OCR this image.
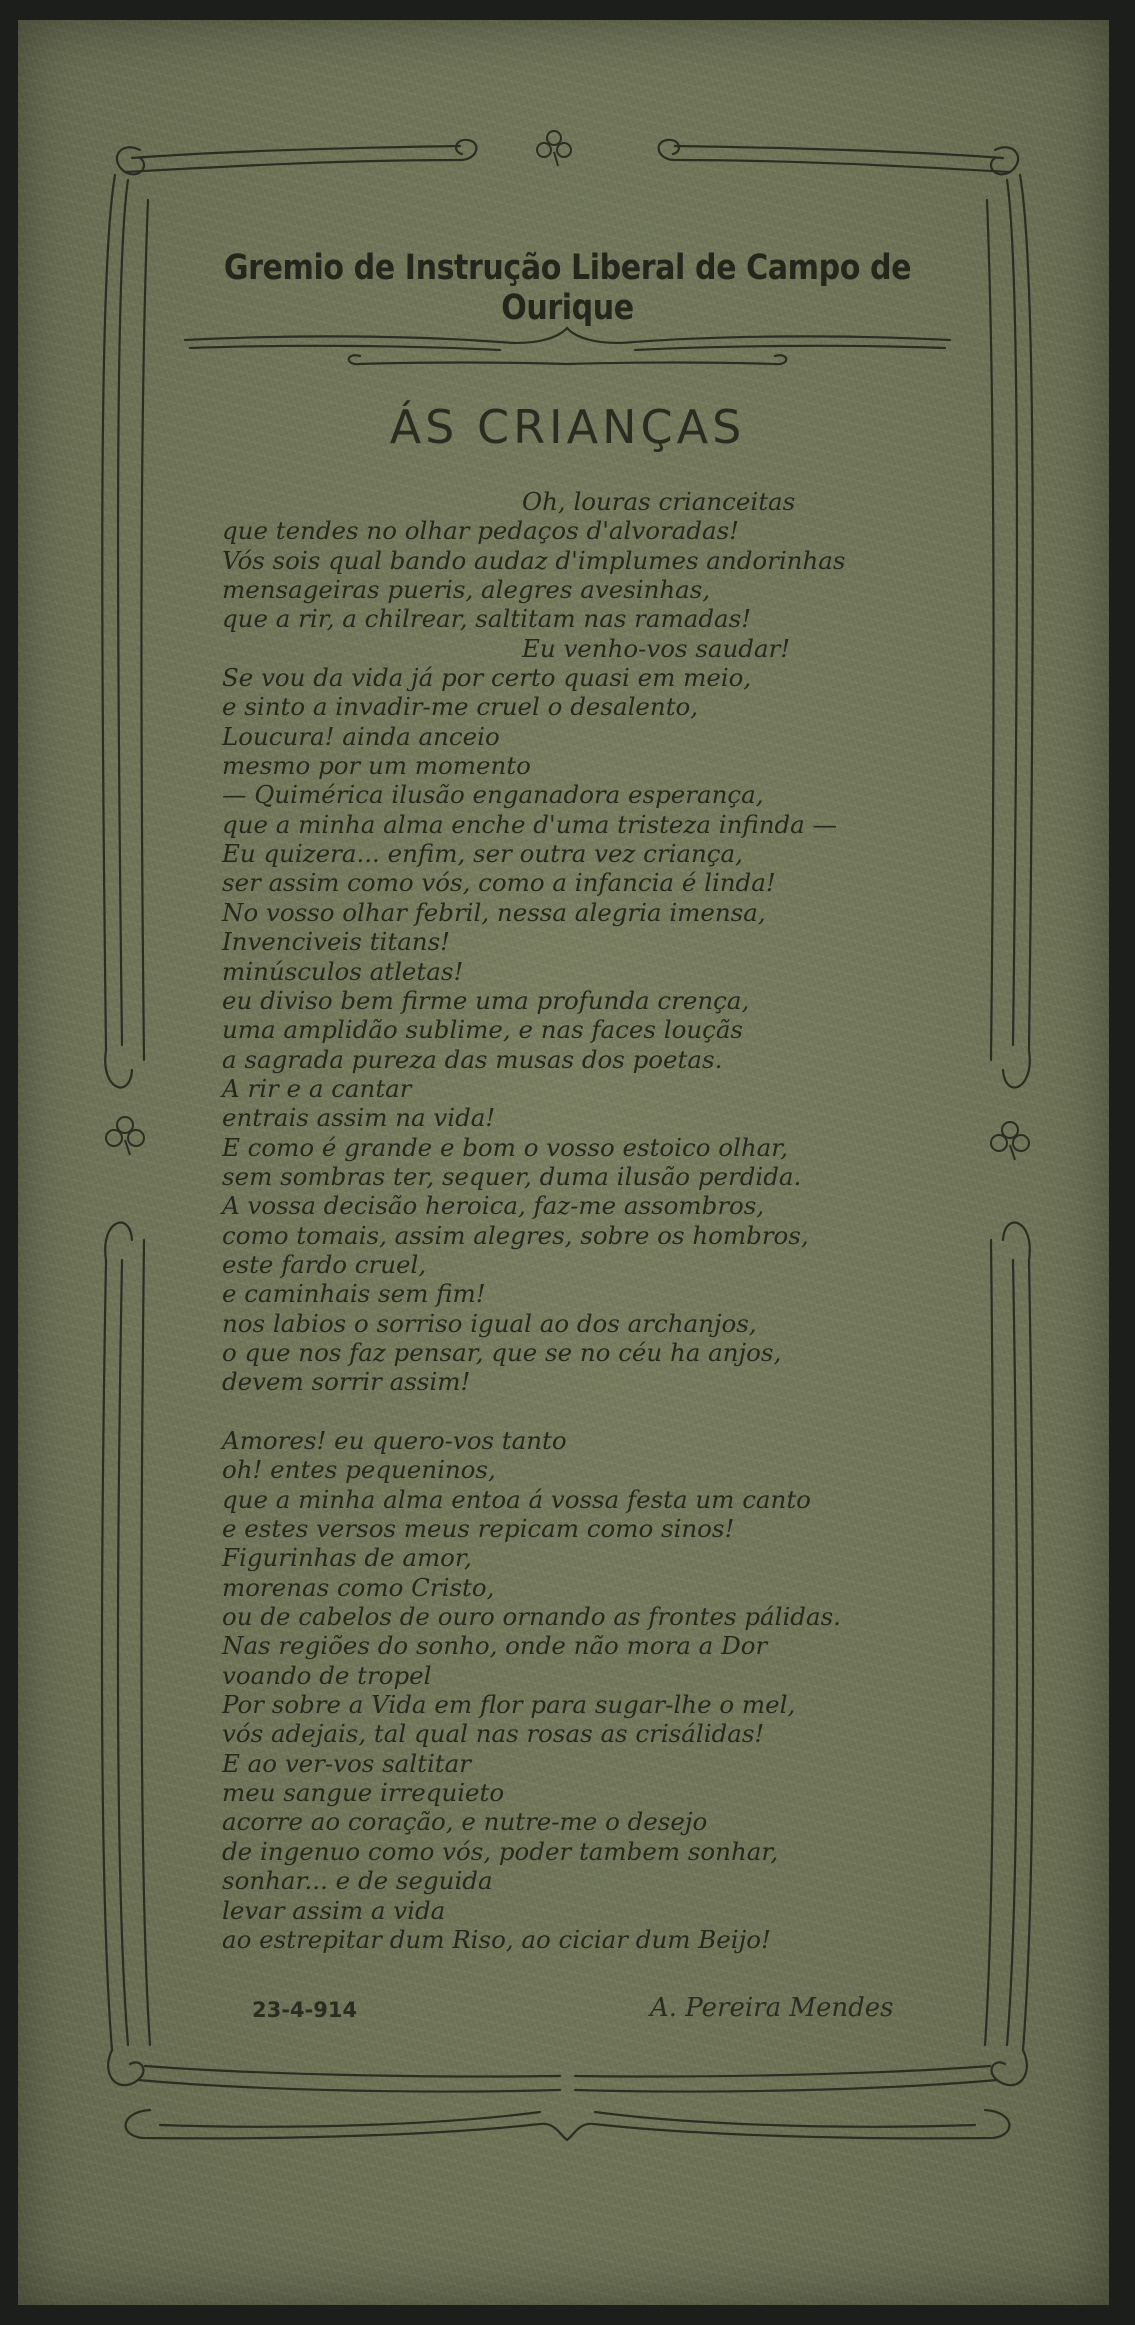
Gremio de Instrução Liberal de Campo de Ourique
ÁS CRIANÇAS
Oh, louras crianceitas
que tendes no olhar pedaços d'alvoradas!
Vós sois qual bando audaz d'implumes andorinhas
mensageiras pueris, alegres avesinhas,
que a rir, a chilrear, saltitam nas ramadas!
Eu venho-vos saudar!
Se vou da vida já por certo quasi em meio,
e sinto a invadir-me cruel o desalento,
Loucura! ainda anceio
mesmo por um momento
— Quimérica ilusão enganadora esperança,
que a minha alma enche d'uma tristeza infinda —
Eu quizera... enfim, ser outra vez criança,
ser assim como vós, como a infancia é linda!
No vosso olhar febril, nessa alegria imensa,
Invenciveis titans!
minúsculos atletas!
eu diviso bem firme uma profunda crença,
uma amplidão sublime, e nas faces louçãs
a sagrada pureza das musas dos poetas.
A rir e a cantar
entrais assim na vida!
E como é grande e bom o vosso estoico olhar,
sem sombras ter, sequer, duma ilusão perdida.
A vossa decisão heroica, faz-me assombros,
como tomais, assim alegres, sobre os hombros,
este fardo cruel,
e caminhais sem fim!
nos labios o sorriso igual ao dos archanjos,
o que nos faz pensar, que se no céu ha anjos,
devem sorrir assim!
Amores! eu quero-vos tanto
oh! entes pequeninos,
que a minha alma entoa á vossa festa um canto
e estes versos meus repicam como sinos!
Figurinhas de amor,
morenas como Cristo,
ou de cabelos de ouro ornando as frontes pálidas.
Nas regiões do sonho, onde não mora a Dor
voando de tropel
Por sobre a Vida em flor para sugar-lhe o mel,
vós adejais, tal qual nas rosas as crisálidas!
E ao ver-vos saltitar
meu sangue irrequieto
acorre ao coração, e nutre-me o desejo
de ingenuo como vós, poder tambem sonhar,
sonhar... e de seguida
levar assim a vida
ao estrepitar dum Riso, ao ciciar dum Beijo!
23-4-914	A. Pereira Mendes
